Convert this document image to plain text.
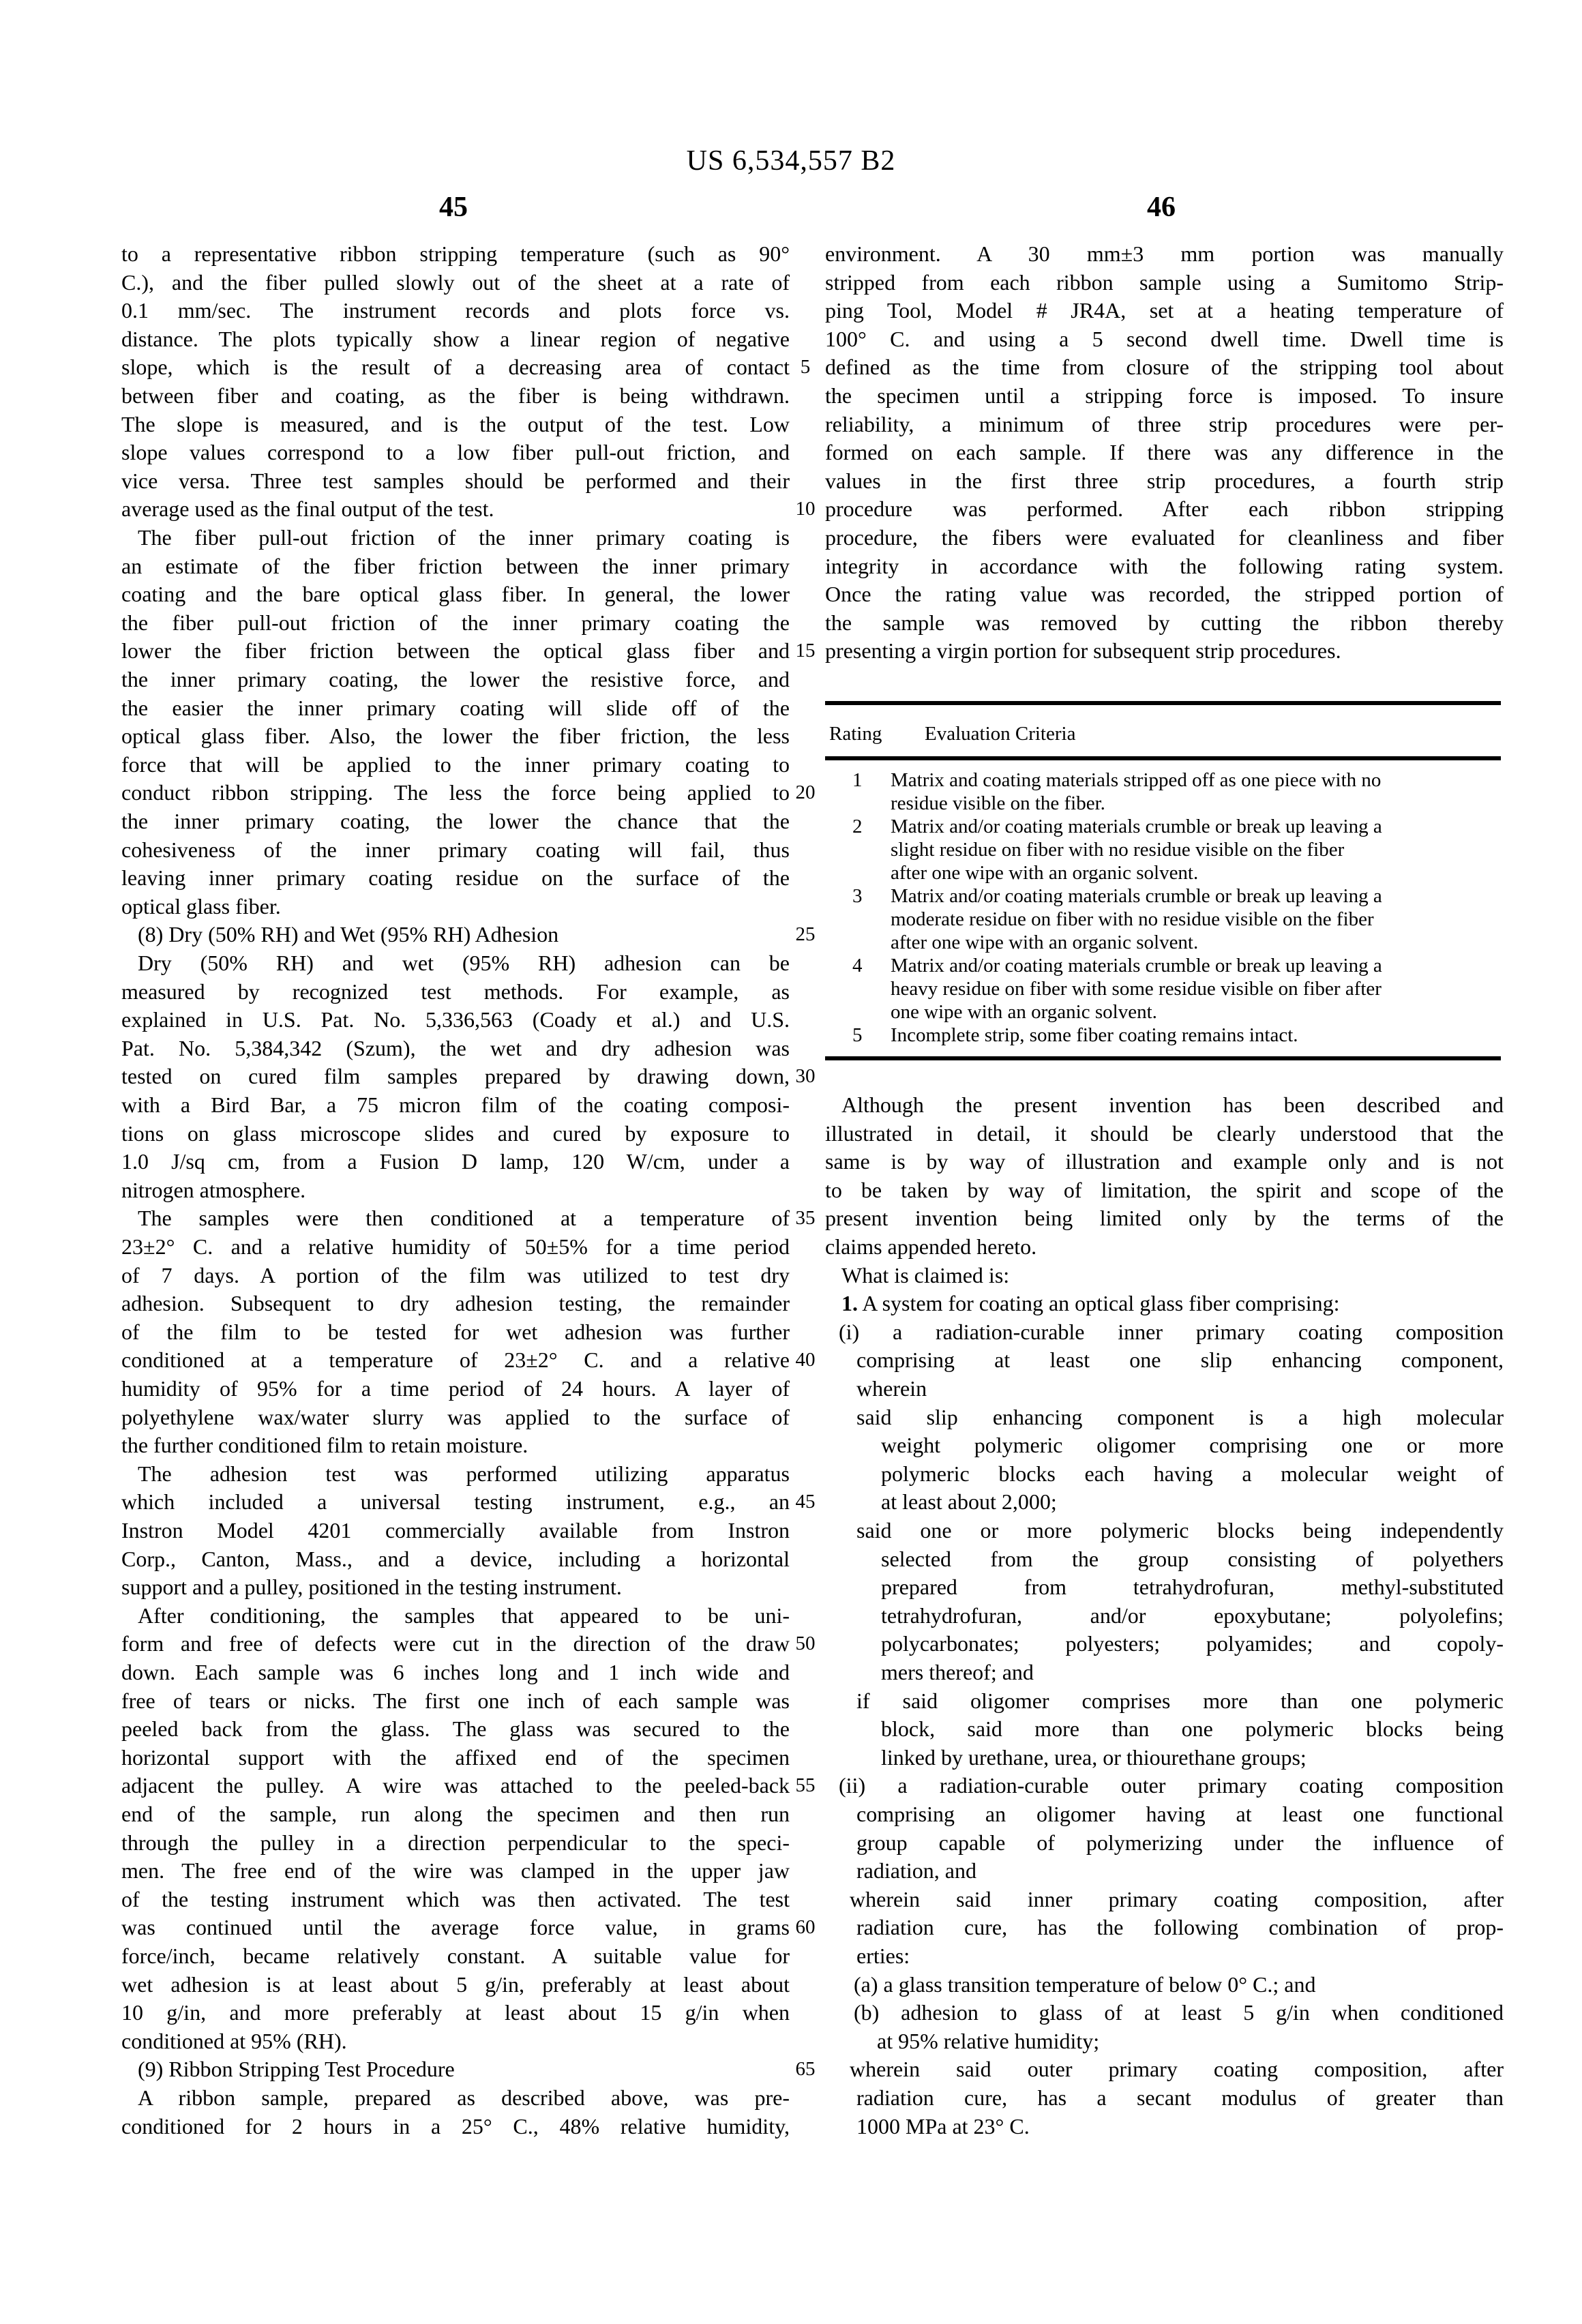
US 6,534,557 B2
45	46
5
10
15
20
25
30
35
40
45
50
55
60
65
to a representative ribbon stripping temperature (such as 90°
C.), and the fiber pulled slowly out of the sheet at a rate of
0.1 mm/sec. The instrument records and plots force vs.
distance. The plots typically show a linear region of negative
slope, which is the result of a decreasing area of contact
between fiber and coating, as the fiber is being withdrawn.
The slope is measured, and is the output of the test. Low
slope values correspond to a low fiber pull-out friction, and
vice versa. Three test samples should be performed and their
average used as the final output of the test.
The fiber pull-out friction of the inner primary coating is
an estimate of the fiber friction between the inner primary
coating and the bare optical glass fiber. In general, the lower
the fiber pull-out friction of the inner primary coating the
lower the fiber friction between the optical glass fiber and
the inner primary coating, the lower the resistive force, and
the easier the inner primary coating will slide off of the
optical glass fiber. Also, the lower the fiber friction, the less
force that will be applied to the inner primary coating to
conduct ribbon stripping. The less the force being applied to
the inner primary coating, the lower the chance that the
cohesiveness of the inner primary coating will fail, thus
leaving inner primary coating residue on the surface of the
optical glass fiber.
(8) Dry (50% RH) and Wet (95% RH) Adhesion
Dry (50% RH) and wet (95% RH) adhesion can be
measured by recognized test methods. For example, as
explained in U.S. Pat. No. 5,336,563 (Coady et al.) and U.S.
Pat. No. 5,384,342 (Szum), the wet and dry adhesion was
tested on cured film samples prepared by drawing down,
with a Bird Bar, a 75 micron film of the coating composi-
tions on glass microscope slides and cured by exposure to
1.0 J/sq cm, from a Fusion D lamp, 120 W/cm, under a
nitrogen atmosphere.
The samples were then conditioned at a temperature of
23±2° C. and a relative humidity of 50±5% for a time period
of 7 days. A portion of the film was utilized to test dry
adhesion. Subsequent to dry adhesion testing, the remainder
of the film to be tested for wet adhesion was further
conditioned at a temperature of 23±2° C. and a relative
humidity of 95% for a time period of 24 hours. A layer of
polyethylene wax/water slurry was applied to the surface of
the further conditioned film to retain moisture.
The adhesion test was performed utilizing apparatus
which included a universal testing instrument, e.g., an
Instron Model 4201 commercially available from Instron
Corp., Canton, Mass., and a device, including a horizontal
support and a pulley, positioned in the testing instrument.
After conditioning, the samples that appeared to be uni-
form and free of defects were cut in the direction of the draw
down. Each sample was 6 inches long and 1 inch wide and
free of tears or nicks. The first one inch of each sample was
peeled back from the glass. The glass was secured to the
horizontal support with the affixed end of the specimen
adjacent the pulley. A wire was attached to the peeled-back
end of the sample, run along the specimen and then run
through the pulley in a direction perpendicular to the speci-
men. The free end of the wire was clamped in the upper jaw
of the testing instrument which was then activated. The test
was continued until the average force value, in grams
force/inch, became relatively constant. A suitable value for
wet adhesion is at least about 5 g/in, preferably at least about
10 g/in, and more preferably at least about 15 g/in when
conditioned at 95% (RH).
(9) Ribbon Stripping Test Procedure
A ribbon sample, prepared as described above, was pre-
conditioned for 2 hours in a 25° C., 48% relative humidity,
environment. A 30 mm±3 mm portion was manually
stripped from each ribbon sample using a Sumitomo Strip-
ping Tool, Model # JR4A, set at a heating temperature of
100° C. and using a 5 second dwell time. Dwell time is
defined as the time from closure of the stripping tool about
the specimen until a stripping force is imposed. To insure
reliability, a minimum of three strip procedures were per-
formed on each sample. If there was any difference in the
values in the first three strip procedures, a fourth strip
procedure was performed. After each ribbon stripping
procedure, the fibers were evaluated for cleanliness and fiber
integrity in accordance with the following rating system.
Once the rating value was recorded, the stripped portion of
the sample was removed by cutting the ribbon thereby
presenting a virgin portion for subsequent strip procedures.
Rating	Evaluation Criteria
1	Matrix and coating materials stripped off as one piece with no
residue visible on the fiber.
2	Matrix and/or coating materials crumble or break up leaving a
slight residue on fiber with no residue visible on the fiber
after one wipe with an organic solvent.
3	Matrix and/or coating materials crumble or break up leaving a
moderate residue on fiber with no residue visible on the fiber
after one wipe with an organic solvent.
4	Matrix and/or coating materials crumble or break up leaving a
heavy residue on fiber with some residue visible on fiber after
one wipe with an organic solvent.
5	Incomplete strip, some fiber coating remains intact.
Although the present invention has been described and
illustrated in detail, it should be clearly understood that the
same is by way of illustration and example only and is not
to be taken by way of limitation, the spirit and scope of the
present invention being limited only by the terms of the
claims appended hereto.
What is claimed is:
1. A system for coating an optical glass fiber comprising:
(i) a radiation-curable inner primary coating composition
comprising at least one slip enhancing component,
wherein
said slip enhancing component is a high molecular
weight polymeric oligomer comprising one or more
polymeric blocks each having a molecular weight of
at least about 2,000;
said one or more polymeric blocks being independently
selected from the group consisting of polyethers
prepared from tetrahydrofuran, methyl-substituted
tetrahydrofuran, and/or epoxybutane; polyolefins;
polycarbonates; polyesters; polyamides; and copoly-
mers thereof; and
if said oligomer comprises more than one polymeric
block, said more than one polymeric blocks being
linked by urethane, urea, or thiourethane groups;
(ii) a radiation-curable outer primary coating composition
comprising an oligomer having at least one functional
group capable of polymerizing under the influence of
radiation, and
wherein said inner primary coating composition, after
radiation cure, has the following combination of prop-
erties:
(a) a glass transition temperature of below 0° C.; and
(b) adhesion to glass of at least 5 g/in when conditioned
at 95% relative humidity;
wherein said outer primary coating composition, after
radiation cure, has a secant modulus of greater than
1000 MPa at 23° C.
